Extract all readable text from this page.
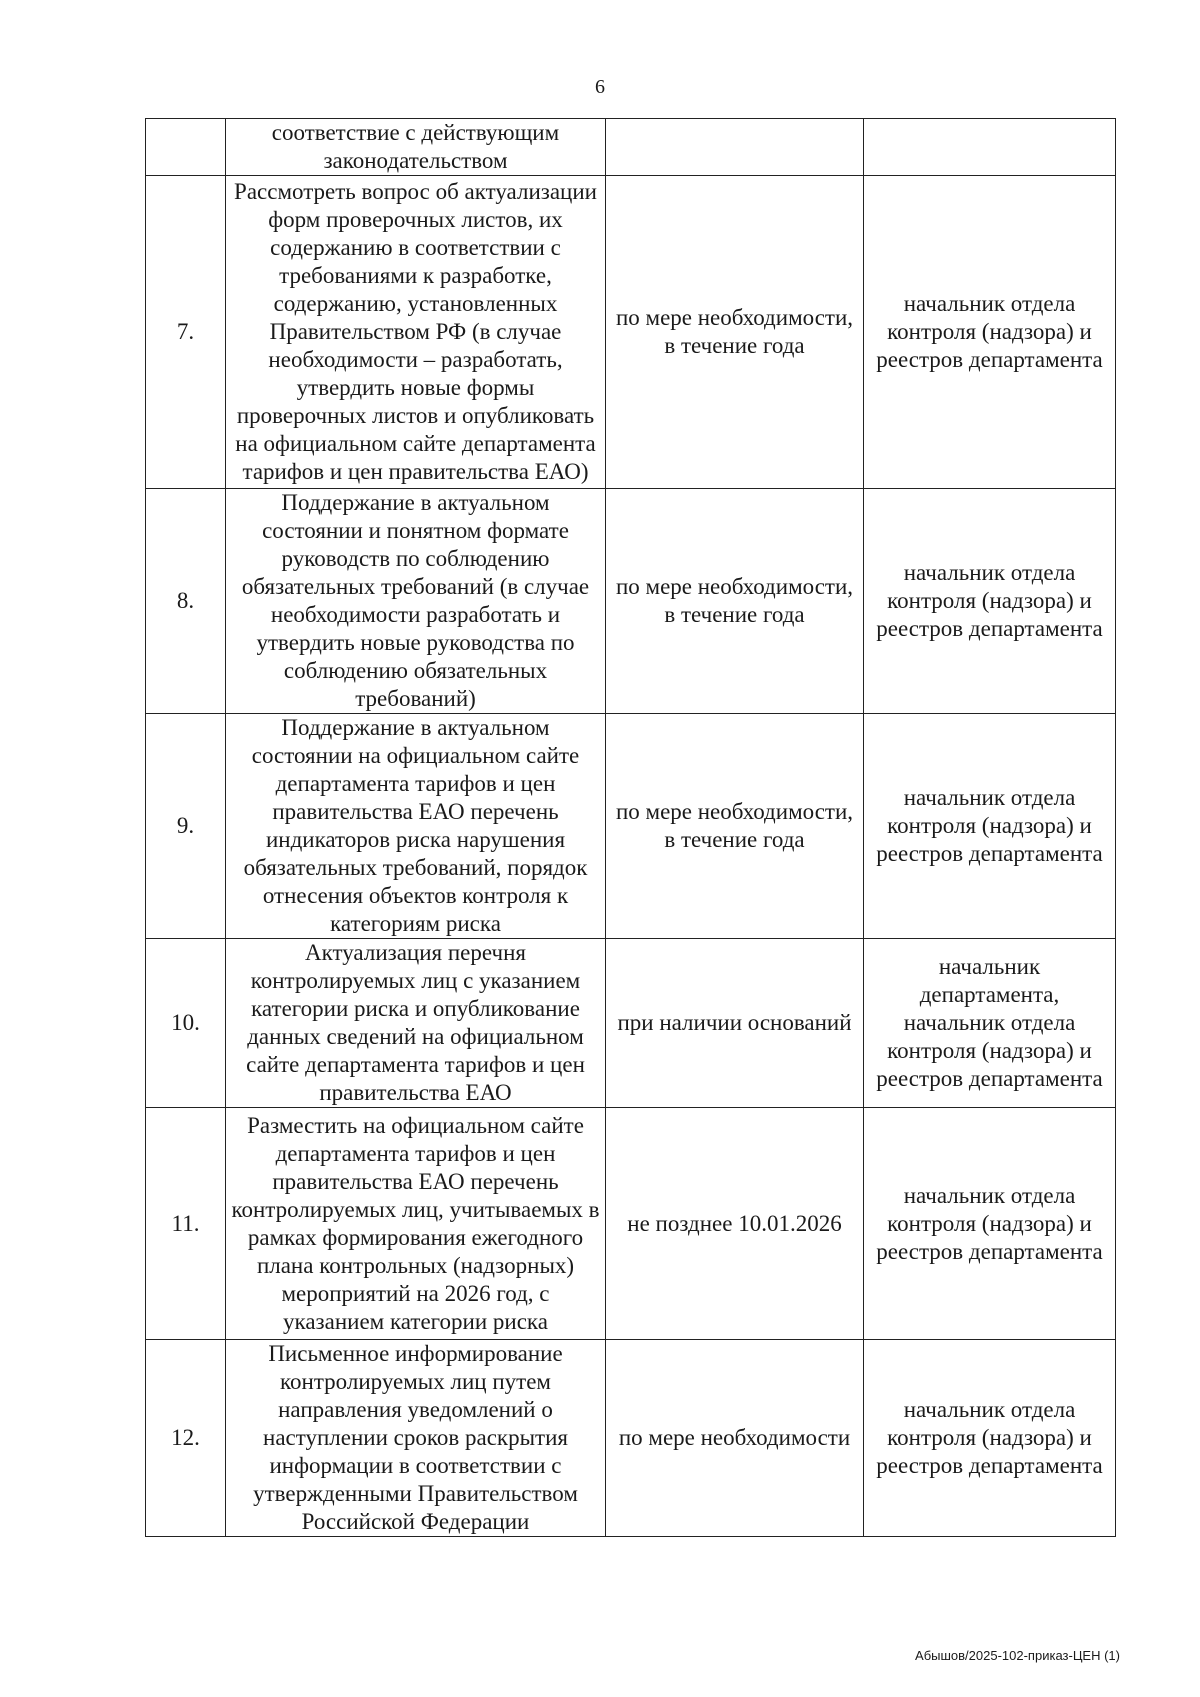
6
	соответствие с действующим законодательством		
7.	Рассмотреть вопрос об актуализации форм проверочных листов, их содержанию в соответствии с требованиями к разработке, содержанию, установленных Правительством РФ (в случае необходимости – разработать, утвердить новые формы проверочных листов и опубликовать на официальном сайте департамента тарифов и цен правительства ЕАО)	по мере необходимости, в течение года	начальник отдела контроля (надзора) и реестров департамента
8.	Поддержание в актуальном состоянии и понятном формате руководств по соблюдению обязательных требований (в случае необходимости разработать и утвердить новые руководства по соблюдению обязательных требований)	по мере необходимости, в течение года	начальник отдела контроля (надзора) и реестров департамента
9.	Поддержание в актуальном состоянии на официальном сайте департамента тарифов и цен правительства ЕАО перечень индикаторов риска нарушения обязательных требований, порядок отнесения объектов контроля к категориям риска	по мере необходимости, в течение года	начальник отдела контроля (надзора) и реестров департамента
10.	Актуализация перечня контролируемых лиц с указанием категории риска и опубликование данных сведений на официальном сайте департамента тарифов и цен правительства ЕАО	при наличии оснований	начальник департамента, начальник отдела контроля (надзора) и реестров департамента
11.	Разместить на официальном сайте департамента тарифов и цен правительства ЕАО перечень контролируемых лиц, учитываемых в рамках формирования ежегодного плана контрольных (надзорных) мероприятий на 2026 год, с указанием категории риска	не позднее 10.01.2026	начальник отдела контроля (надзора) и реестров департамента
12.	Письменное информирование контролируемых лиц путем направления уведомлений о наступлении сроков раскрытия информации в соответствии с утвержденными Правительством Российской Федерации	по мере необходимости	начальник отдела контроля (надзора) и реестров департамента
Абышов/2025-102-приказ-ЦЕН (1)
